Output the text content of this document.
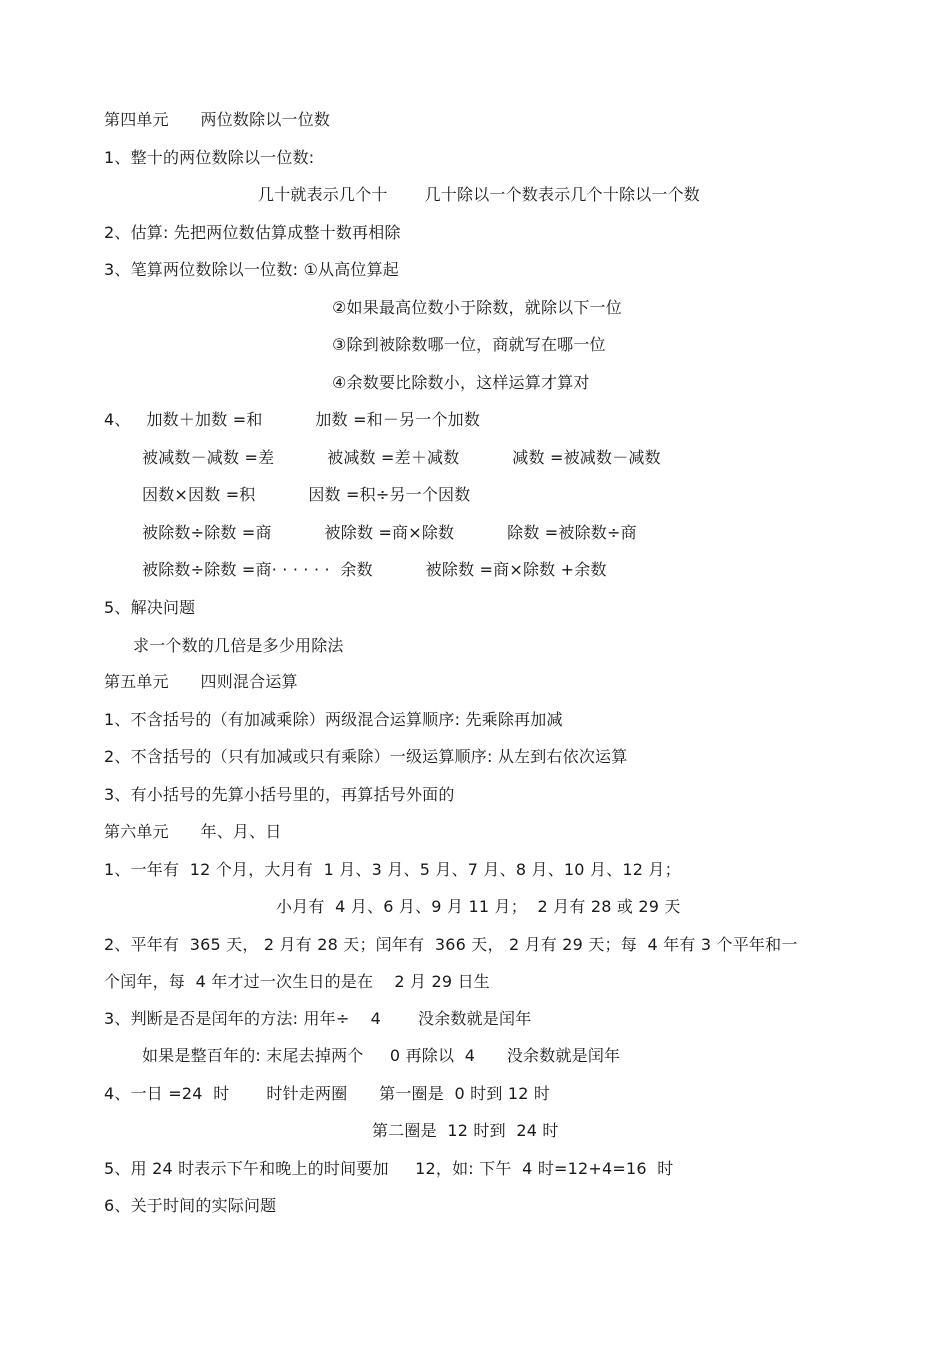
第四单元      两位数除以一位数
1、整十的两位数除以一位数:
几十就表示几个十       几十除以一个数表示几个十除以一个数
2、估算: 先把两位数估算成整十数再相除
3、笔算两位数除以一位数: ①从高位算起
②如果最高位数小于除数，就除以下一位
③除到被除数哪一位，商就写在哪一位
④余数要比除数小，这样运算才算对
4、   加数＋加数 =和          加数 =和－另一个加数
被减数－减数 =差          被减数 =差＋减数          减数 =被减数－减数
因数×因数 =积          因数 =积÷另一个因数
被除数÷除数 =商          被除数 =商×除数          除数 =被除数÷商
被除数÷除数 =商· · · · · ·  余数          被除数 =商×除数 +余数
5、解决问题
求一个数的几倍是多少用除法
第五单元      四则混合运算
1、不含括号的（有加减乘除）两级混合运算顺序: 先乘除再加减
2、不含括号的（只有加减或只有乘除）一级运算顺序: 从左到右依次运算
3、有小括号的先算小括号里的，再算括号外面的
第六单元      年、月、日
1、一年有  12 个月，大月有  1 月、3 月、5 月、7 月、8 月、10 月、12 月；
小月有  4 月、6 月、9 月 11 月；  2 月有 28 或 29 天
2、平年有  365 天， 2 月有 28 天；闰年有  366 天， 2 月有 29 天；每  4 年有 3 个平年和一
个闰年，每  4 年才过一次生日的是在    2 月 29 日生
3、判断是否是闰年的方法: 用年÷    4       没余数就是闰年
如果是整百年的: 末尾去掉两个     0 再除以  4      没余数就是闰年
4、一日 =24  时       时针走两圈      第一圈是  0 时到 12 时
第二圈是  12 时到  24 时
5、用 24 时表示下午和晚上的时间要加     12，如: 下午  4 时=12+4=16  时
6、关于时间的实际问题
